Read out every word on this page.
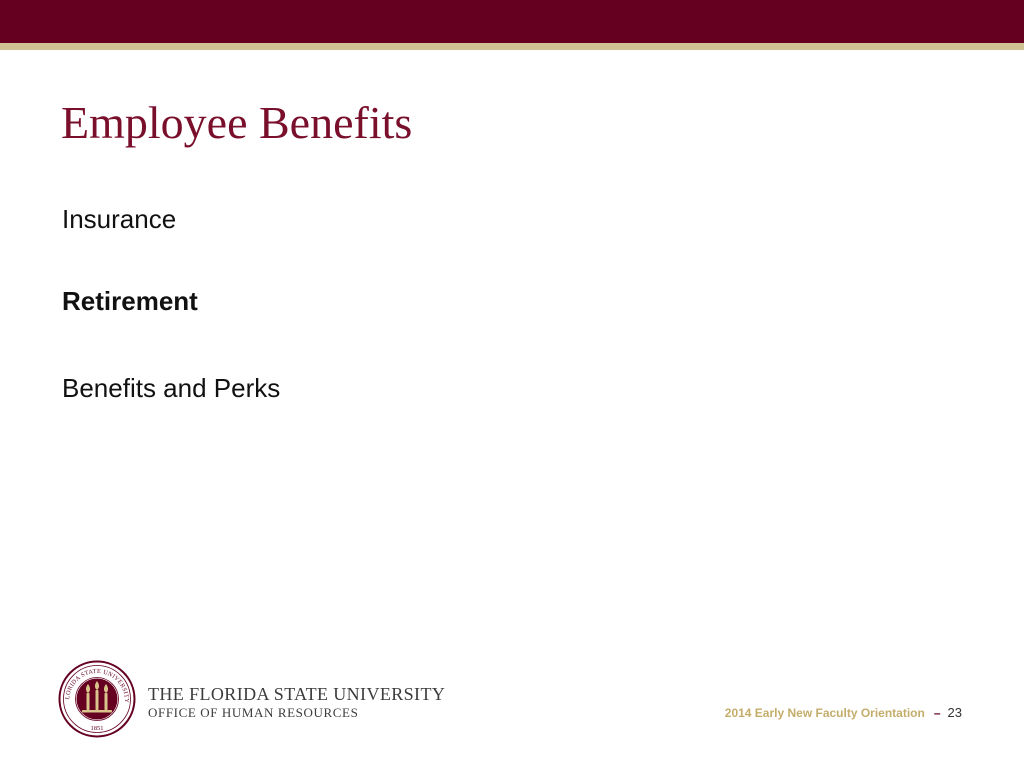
Employee Benefits

Insurance

Retirement

Benefits and Perks

LORIDA STATE UNIVERSITY
1851
THE FLORIDA STATE UNIVERSITY
OFFICE OF HUMAN RESOURCES	2014 Early New Faculty Orientation – 23
